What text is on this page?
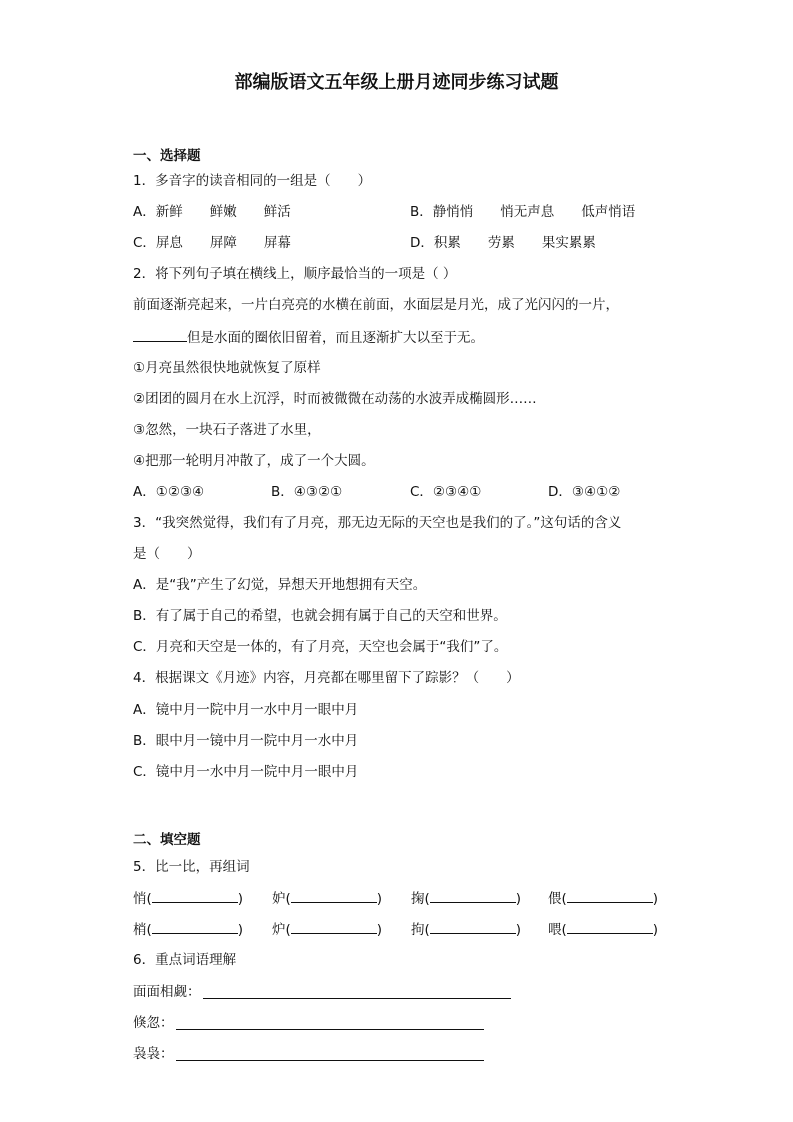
部编版语文五年级上册月迹同步练习试题
一、选择题
1．多音字的读音相同的一组是（　　）
A．新鲜　　鲜嫩　　鲜活	B．静悄悄　　悄无声息　　低声悄语
C．屏息　　屏障　　屏幕	D．积累　　劳累　　果实累累
2．将下列句子填在横线上，顺序最恰当的一项是（ ）
前面逐渐亮起来，一片白亮亮的水横在前面，水面层是月光，成了光闪闪的一片，
但是水面的圈依旧留着，而且逐渐扩大以至于无。
①月亮虽然很快地就恢复了原样
②团团的圆月在水上沉浮，时而被微微在动荡的水波弄成椭圆形……
③忽然，一块石子落进了水里，
④把那一轮明月冲散了，成了一个大圆。
A．①②③④	B．④③②①	C．②③④①	D．③④①②
3．“我突然觉得，我们有了月亮，那无边无际的天空也是我们的了。”这句话的含义
是（　　）
A．是“我”产生了幻觉，异想天开地想拥有天空。
B．有了属于自己的希望，也就会拥有属于自己的天空和世界。
C．月亮和天空是一体的，有了月亮，天空也会属于“我们”了。
4．根据课文《月迹》内容，月亮都在哪里留下了踪影？（　　）
A．镜中月一院中月一水中月一眼中月
B．眼中月一镜中月一院中月一水中月
C．镜中月一水中月一院中月一眼中月
二、填空题
5．比一比，再组词
悄(	) 妒(	) 掬(	) 偎(	)
梢(	) 炉(	) 拘(	) 喂(	)
6．重点词语理解
面面相觑：
倏忽：
袅袅：
